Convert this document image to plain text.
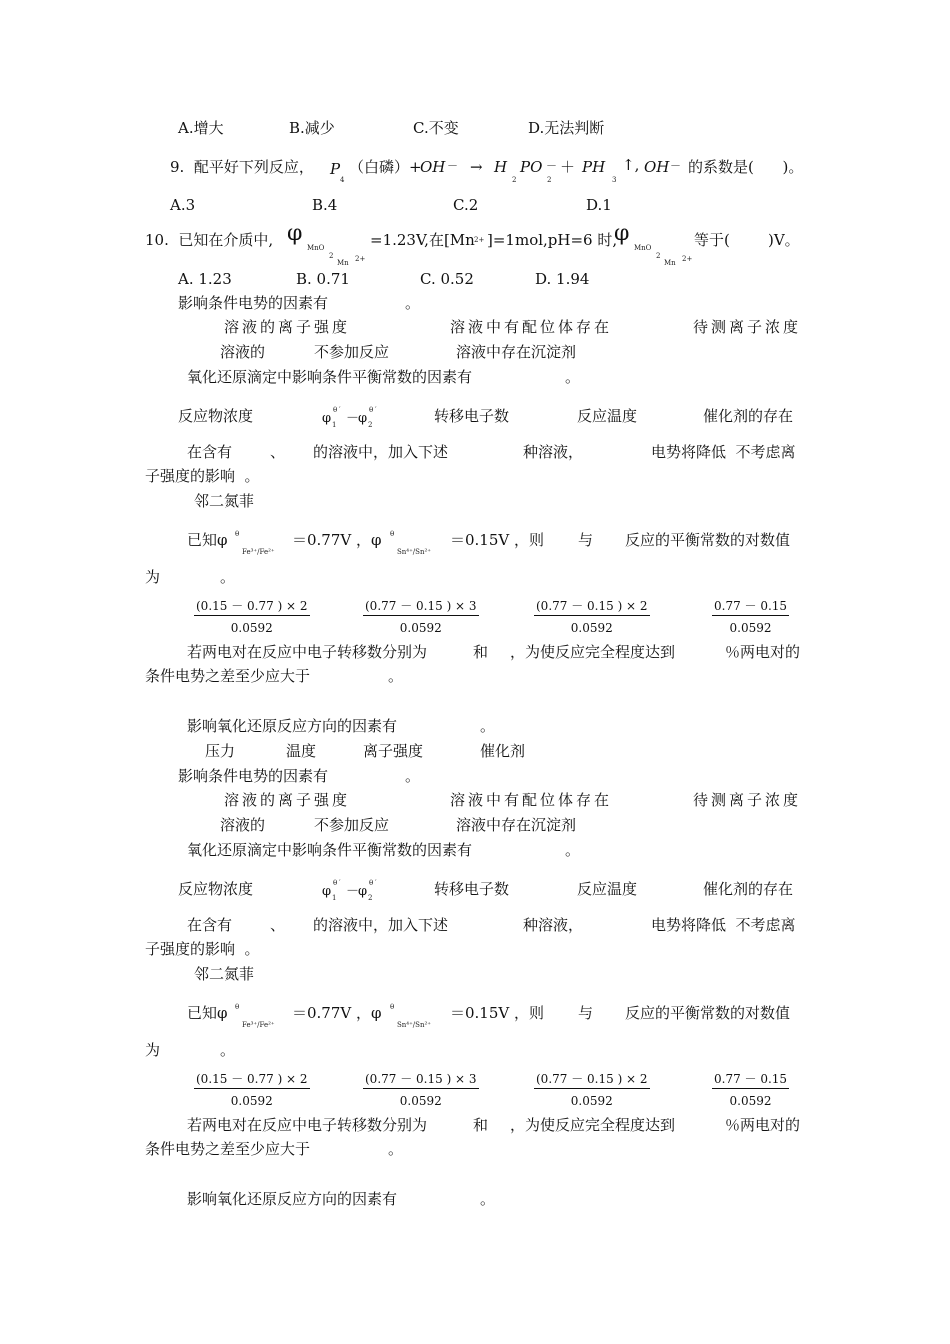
A.增大	B.减少	C.不变	D.无法判断
9.  配平好下列反应， P
4
（白磷）+
OH － → H
2
PO －
2
＋ PH
3
↑, OH － 的系数是(      )。
A.3	B.4	C.2	D.1
10.  已知在介质中, φ
MnO
2
Mn 2+
=1.23V,在[Mn 2+ ]=1mol,pH=6 时,
φ
MnO
2
Mn 2+
等于(        )V。
A. 1.23	B. 0.71	C. 0.52	D. 1.94
影响条件电势的因素有	。
溶液的离子强度	溶液中有配位体存在	待测离子浓度
溶液的	不参加反应	溶液中存在沉淀剂
氧化还原滴定中影响条件平衡常数的因素有	。
反应物浓度	φ
θ ′
1 －
φ
θ ′
2	转移电子数	反应温度	催化剂的存在
在含有	、 的溶液中，加入下述	种溶液，	电势将降低  不考虑离
子强度的影响  。
邻二氮菲
已知φ θ
Fe³⁺/Fe²⁺
＝0.77V ，φ θ
Sn⁴⁺/Sn²⁺
＝0.15V ，则 与 反应的平衡常数的对数值
为	。
$\frac{(0.15 - 0.77 ) \times 2}{0.0592}$	$\frac{(0.77 - 0.15 ) \times 3}{0.0592}$	$\frac{(0.77 - 0.15 ) \times 2}{0.0592}$	$\frac{0.77 - 0.15}{0.0592}$
若两电对在反应中电子转移数分别为	和 ，为使反应完全程度达到	％两电对的
条件电势之差至少应大于	。
影响氧化还原反应方向的因素有	。
压力	温度	离子强度	催化剂
影响条件电势的因素有	。
溶液的离子强度	溶液中有配位体存在	待测离子浓度
溶液的	不参加反应	溶液中存在沉淀剂
氧化还原滴定中影响条件平衡常数的因素有	。
反应物浓度	φ
θ ′
1 －
φ
θ ′
2	转移电子数	反应温度	催化剂的存在
在含有	、 的溶液中，加入下述	种溶液，	电势将降低  不考虑离
子强度的影响  。
邻二氮菲
已知φ θ
Fe³⁺/Fe²⁺
＝0.77V ，φ θ
Sn⁴⁺/Sn²⁺
＝0.15V ，则 与 反应的平衡常数的对数值
为	。
$\frac{(0.15 - 0.77 ) \times 2}{0.0592}$	$\frac{(0.77 - 0.15 ) \times 3}{0.0592}$	$\frac{(0.77 - 0.15 ) \times 2}{0.0592}$	$\frac{0.77 - 0.15}{0.0592}$
若两电对在反应中电子转移数分别为	和 ，为使反应完全程度达到	％两电对的
条件电势之差至少应大于	。
影响氧化还原反应方向的因素有	。
